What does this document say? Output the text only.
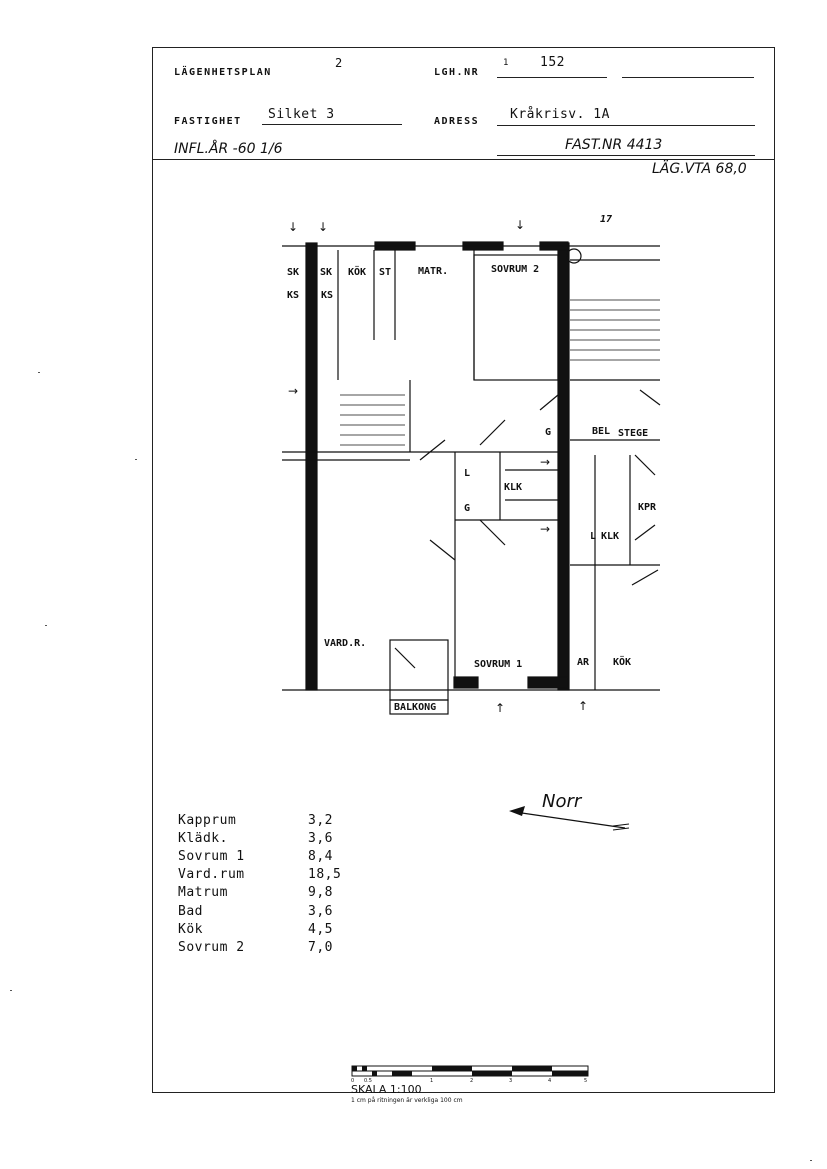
LÄGENHETSPLAN
2
LGH.NR
1 152
FASTIGHET Silket 3	ADRESS Kråkrisv. 1A
INFL.ÅR -60 1/6	FAST.NR 4413
LÄG.VTA 68,0
↓ ↓	↓
↑	↑
→
→
→
17
SK SK KÖK ST	MATR.	SOVRUM 2
KS KS
G	BEL STEGE
L
KLK
G	KPR
L KLK
VARD.R.
SOVRUM 1	KÖK
AR
BALKONG
Norr
Kapprum	3,2
Klädk.	3,6
Sovrum 1	8,4
Vard.rum	18,5
Matrum	9,8
Bad	3,6
Kök	4,5
Sovrum 2	7,0
0 0.5	1	2	3	4	5
SKALA 1:100
1 cm på ritningen är verkliga 100 cm
